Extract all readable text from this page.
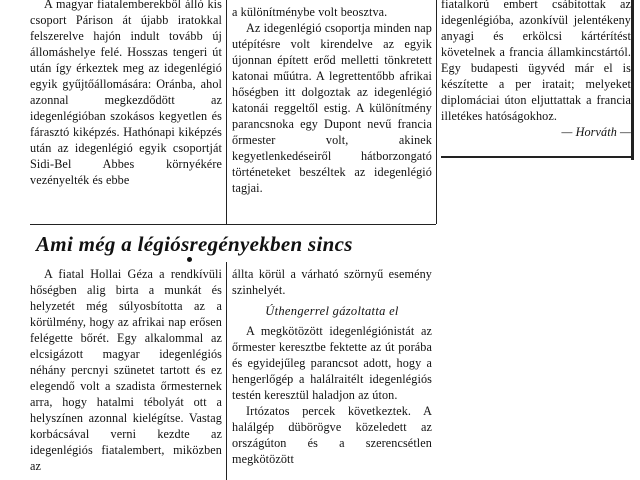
A magyar fiatalemberekből álló kis csoport Párison át újabb iratokkal felszerelve hajón indult tovább új állomáshelye felé. Hosszas tengeri út után így érkeztek meg az idegenlégió egyik gyűjtőállomására: Oránba, ahol azonnal megkezdődött az idegenlégióban szokásos kegyetlen és fárasztó kiképzés. Hathónapi kiképzés után az idegenlégió egyik csoportját Sidi-Bel Abbes környékére vezényelték és ebbe

a különítménybe volt beosztva.

Az idegenlégió csoportja minden nap utépítésre volt kirendelve az egyik újonnan épített erőd melletti tönkretett katonai műútra. A legrettentőbb afrikai hőségben itt dolgoztak az idegenlégió katonái reggeltől estig. A különítmény parancsnoka egy Dupont nevű francia őrmester volt, akinek kegyetlenkedéseiről hátborzongató történeteket beszéltek az idegenlégió tagjai.

fiatalkorú embert csábítottak az idegenlégióba, azonkívül jelentékeny anyagi és erkölcsi kártérítést követelnek a francia államkincstártól. Egy budapesti ügyvéd már el is készítette a per iratait; melyeket diplomáciai úton eljuttattak a francia illetékes hatóságokhoz.

— Horváth —

Ami még a légiósregényekben sincs

A fiatal Hollai Géza a rendkívüli hőségben alig birta a munkát és helyzetét még súlyosbította az a körülmény, hogy az afrikai nap erősen felégette bőrét. Egy alkalommal az elcsigázott magyar idegenlégiós néhány percnyi szünetet tartott és ez elegendő volt a szadista őrmesternek arra, hogy hatalmi tébolyát ott a helyszínen azonnal kielégítse. Vastag korbácsával verni kezdte az idegenlégiós fiatalembert, miközben az

állta körül a várható szörnyű esemény szinhelyét.

Úthengerrel gázoltatta el

A megkötözött idegenlégiónistát az őrmester keresztbe fektette az út porába és egyidejűleg parancsot adott, hogy a hengerlőgép a halálraitélt idegenlégiós testén keresztül haladjon az úton.

Irtózatos percek következtek. A halálgép dübörögve közeledett az országúton és a szerencsétlen megkötözött
